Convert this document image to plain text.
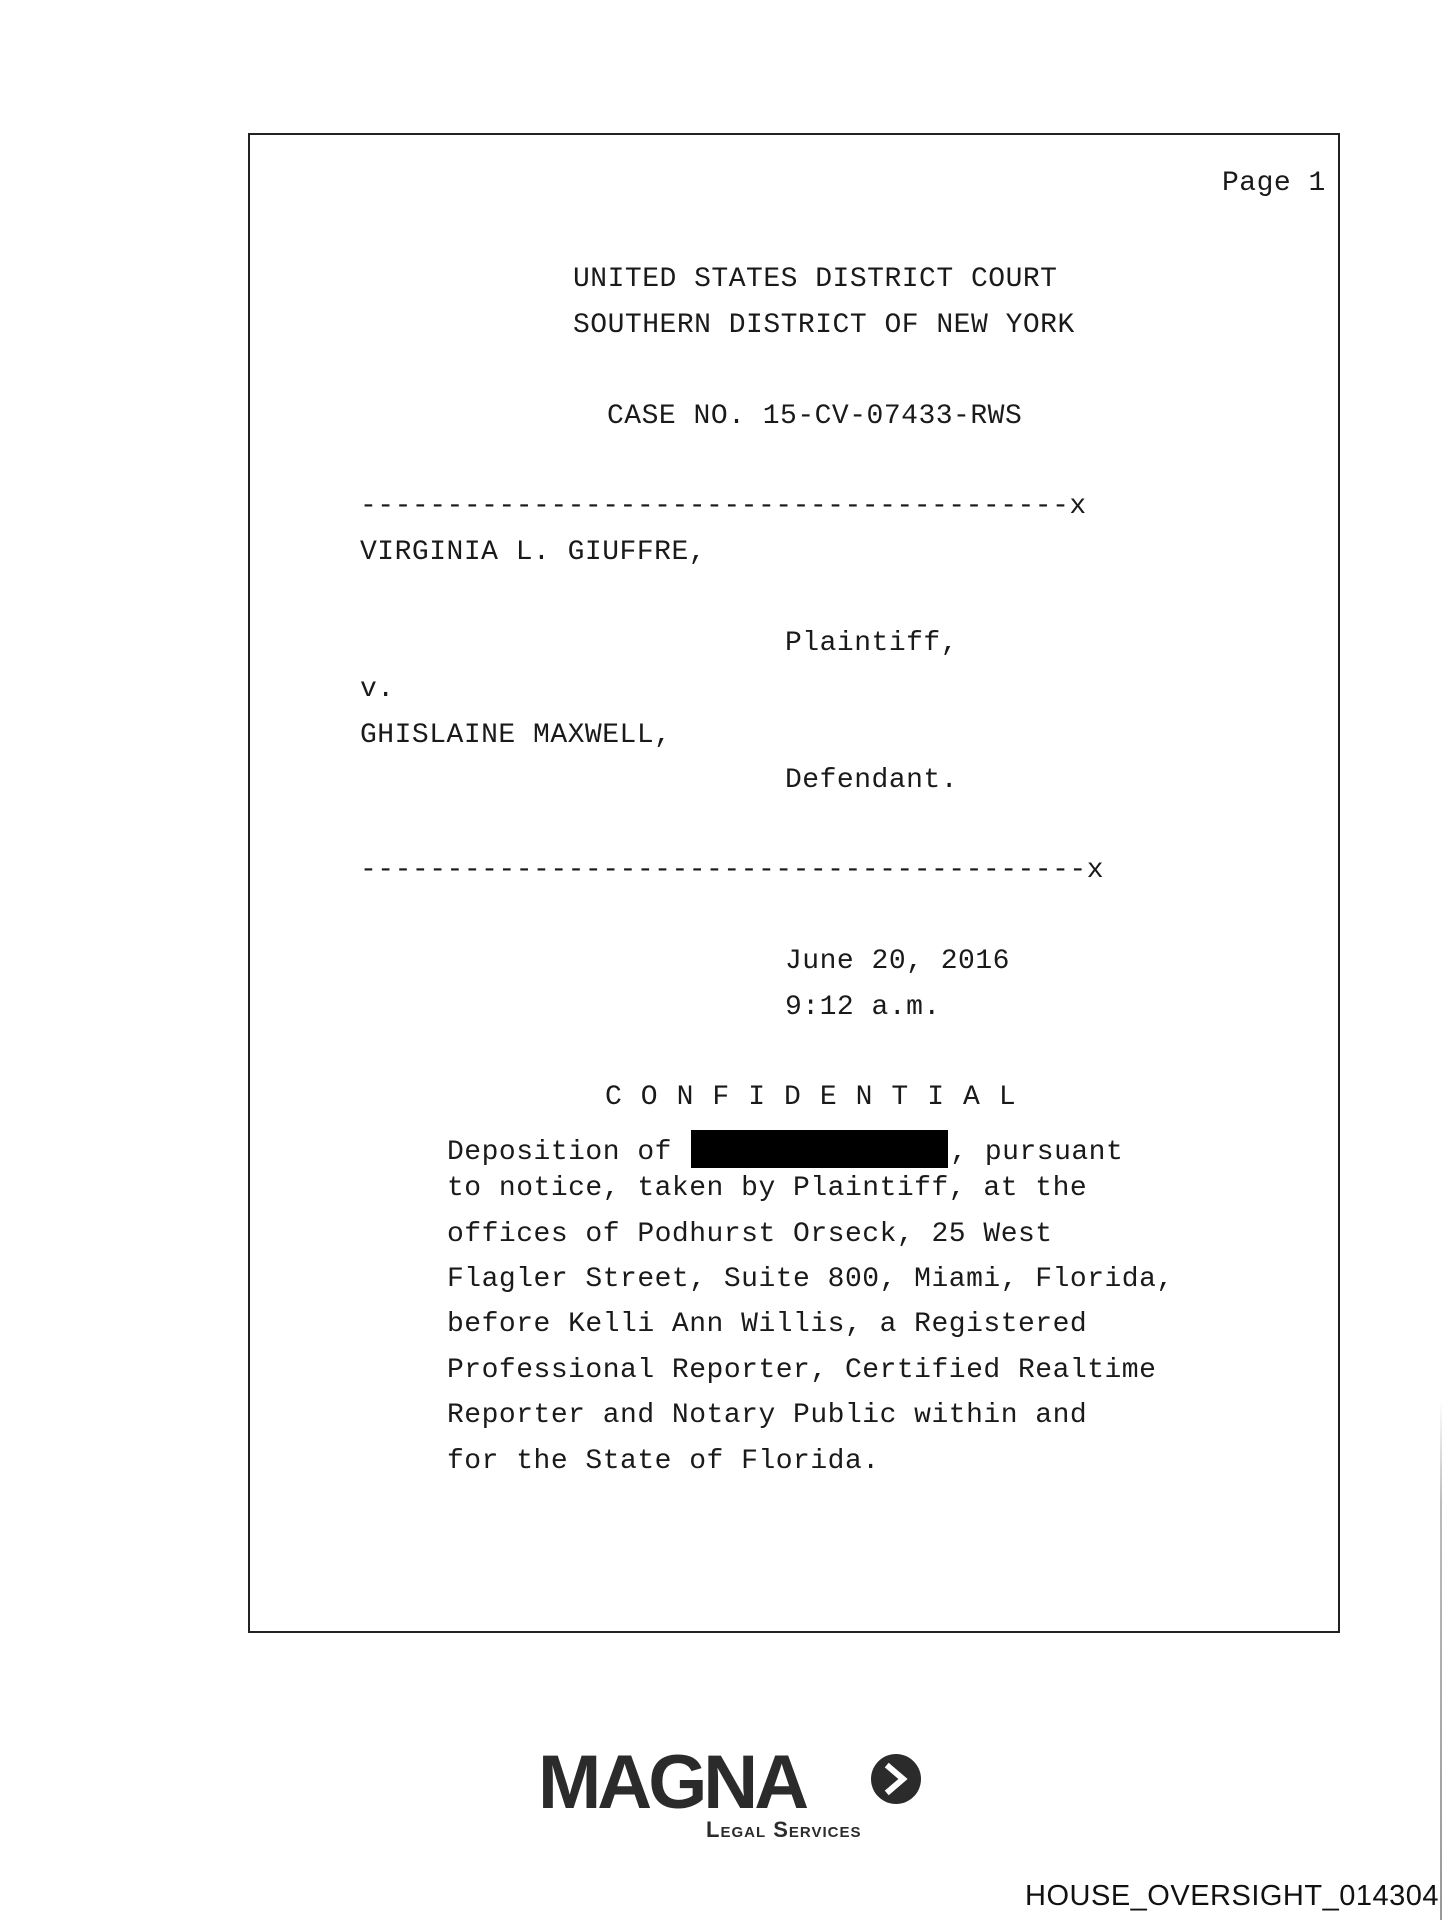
Page 1
UNITED STATES DISTRICT COURT
SOUTHERN DISTRICT OF NEW YORK
CASE NO. 15-CV-07433-RWS
-----------------------------------------x
VIRGINIA L. GIUFFRE,
Plaintiff,
v.
GHISLAINE MAXWELL,
Defendant.
------------------------------------------x
June 20, 2016
9:12 a.m.
CONFIDENTIAL
Deposition of	, pursuant
to notice, taken by Plaintiff, at the
offices of Podhurst Orseck, 25 West
Flagler Street, Suite 800, Miami, Florida,
before Kelli Ann Willis, a Registered
Professional Reporter, Certified Realtime
Reporter and Notary Public within and
for the State of Florida.
MAGNA
Legal Services
HOUSE_OVERSIGHT_014304
